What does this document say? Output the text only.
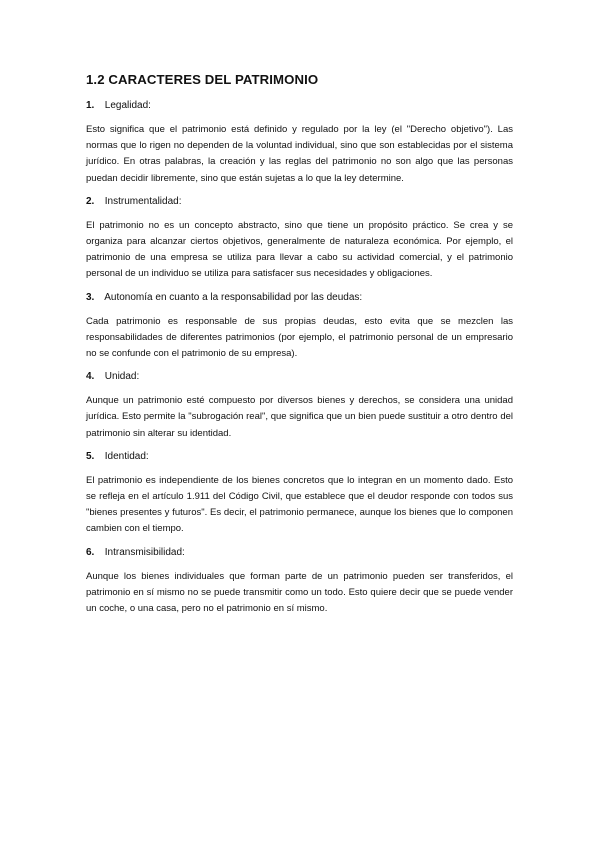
1.2 CARACTERES DEL PATRIMONIO

1. Legalidad:

Esto significa que el patrimonio está definido y regulado por la ley (el "Derecho objetivo"). Las normas que lo rigen no dependen de la voluntad individual, sino que son establecidas por el sistema jurídico. En otras palabras, la creación y las reglas del patrimonio no son algo que las personas puedan decidir libremente, sino que están sujetas a lo que la ley determine.

2. Instrumentalidad:

El patrimonio no es un concepto abstracto, sino que tiene un propósito práctico. Se crea y se organiza para alcanzar ciertos objetivos, generalmente de naturaleza económica. Por ejemplo, el patrimonio de una empresa se utiliza para llevar a cabo su actividad comercial, y el patrimonio personal de un individuo se utiliza para satisfacer sus necesidades y obligaciones.

3. Autonomía en cuanto a la responsabilidad por las deudas:

Cada patrimonio es responsable de sus propias deudas, esto evita que se mezclen las responsabilidades de diferentes patrimonios (por ejemplo, el patrimonio personal de un empresario no se confunde con el patrimonio de su empresa).

4. Unidad:

Aunque un patrimonio esté compuesto por diversos bienes y derechos, se considera una unidad jurídica. Esto permite la "subrogación real", que significa que un bien puede sustituir a otro dentro del patrimonio sin alterar su identidad.

5. Identidad:

El patrimonio es independiente de los bienes concretos que lo integran en un momento dado. Esto se refleja en el artículo 1.911 del Código Civil, que establece que el deudor responde con todos sus "bienes presentes y futuros". Es decir, el patrimonio permanece, aunque los bienes que lo componen cambien con el tiempo.

6. Intransmisibilidad:

Aunque los bienes individuales que forman parte de un patrimonio pueden ser transferidos, el patrimonio en sí mismo no se puede transmitir como un todo. Esto quiere decir que se puede vender un coche, o una casa, pero no el patrimonio en sí mismo.
